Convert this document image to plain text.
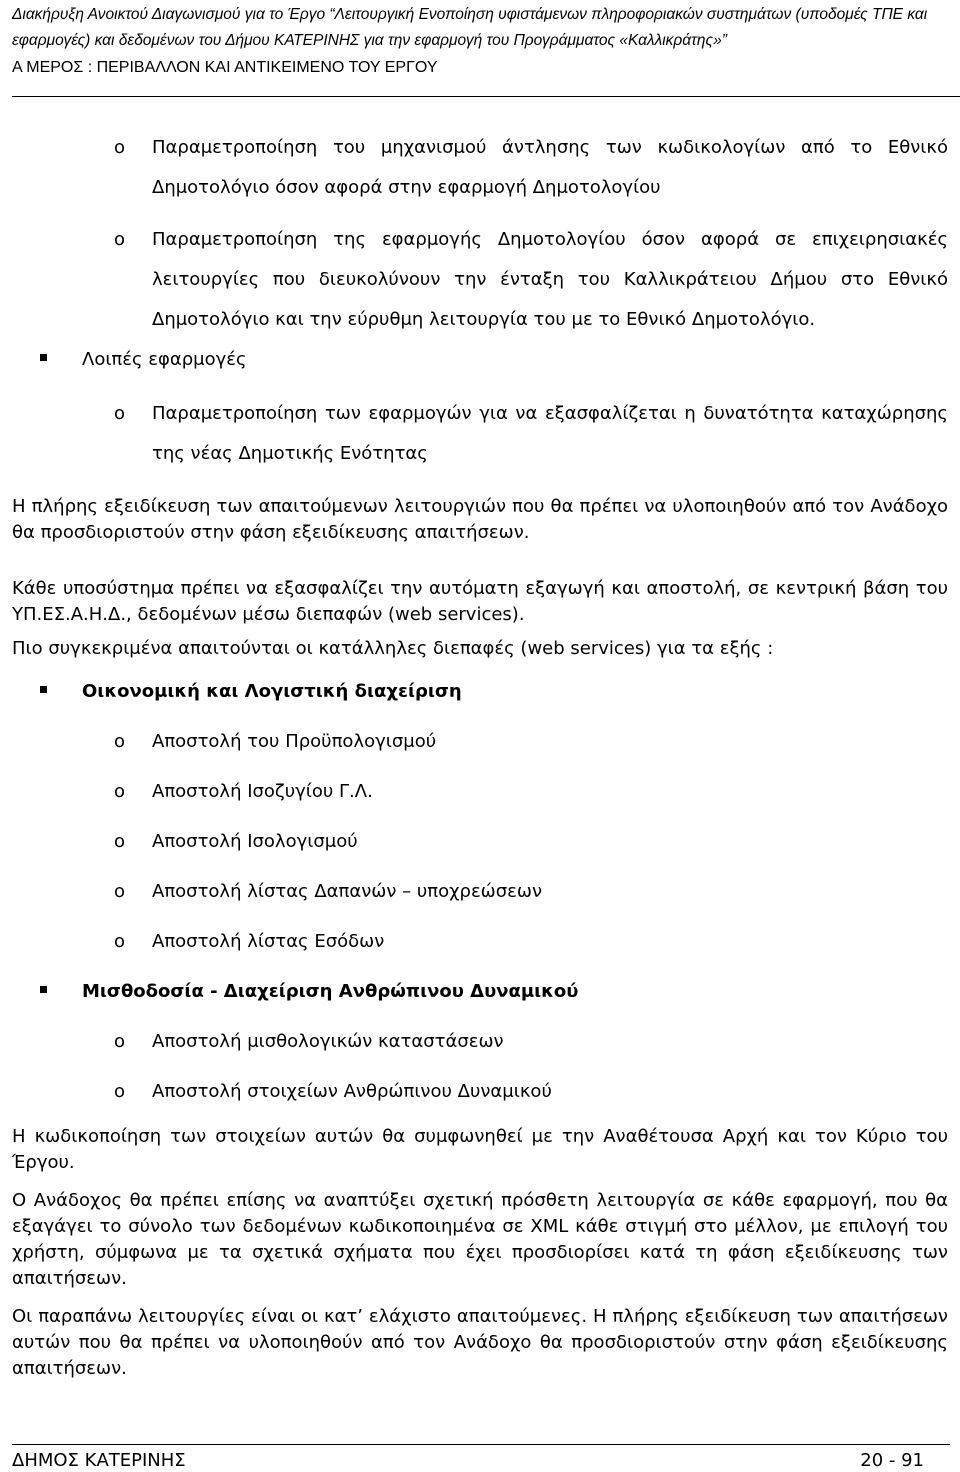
Διακήρυξη Ανοικτού Διαγωνισμού για το Έργο “Λειτουργική Ενοποίηση υφιστάμενων πληροφοριακών συστημάτων (υποδομές ΤΠΕ και εφαρμογές) και δεδομένων του Δήμου ΚΑΤΕΡΙΝΗΣ για την εφαρμογή του Προγράμματος «Καλλικράτης»”
Α ΜΕΡΟΣ : ΠΕΡΙΒΑΛΛΟΝ ΚΑΙ ΑΝΤΙΚΕΙΜΕΝΟ ΤΟΥ ΕΡΓΟΥ
o Παραμετροποίηση του μηχανισμού άντλησης των κωδικολογίων από το Εθνικό Δημοτολόγιο όσον αφορά στην εφαρμογή Δημοτολογίου
o Παραμετροποίηση της εφαρμογής Δημοτολογίου όσον αφορά σε επιχειρησιακές λειτουργίες που διευκολύνουν την ένταξη του Καλλικράτειου Δήμου στο Εθνικό Δημοτολόγιο και την εύρυθμη λειτουργία του με το Εθνικό Δημοτολόγιο.
Λοιπές εφαρμογές
o Παραμετροποίηση των εφαρμογών για να εξασφαλίζεται η δυνατότητα καταχώρησης της νέας Δημοτικής Ενότητας
Η πλήρης εξειδίκευση των απαιτούμενων λειτουργιών που θα πρέπει να υλοποιηθούν από τον Ανάδοχο θα προσδιοριστούν στην φάση εξειδίκευσης απαιτήσεων.
Κάθε υποσύστημα πρέπει να εξασφαλίζει την αυτόματη εξαγωγή και αποστολή, σε κεντρική βάση του ΥΠ.ΕΣ.Α.Η.Δ., δεδομένων μέσω διεπαφών (web services).
Πιο συγκεκριμένα απαιτούνται οι κατάλληλες διεπαφές (web services) για τα εξής :
Οικονομική και Λογιστική διαχείριση
o Αποστολή του Προϋπολογισμού
o Αποστολή Ισοζυγίου Γ.Λ.
o Αποστολή Ισολογισμού
o Αποστολή λίστας Δαπανών – υποχρεώσεων
o Αποστολή λίστας Εσόδων
Μισθοδοσία - Διαχείριση Ανθρώπινου Δυναμικού
o Αποστολή μισθολογικών καταστάσεων
o Αποστολή στοιχείων Ανθρώπινου Δυναμικού
Η κωδικοποίηση των στοιχείων αυτών θα συμφωνηθεί με την Αναθέτουσα Αρχή και τον Κύριο του Έργου.
Ο Ανάδοχος θα πρέπει επίσης να αναπτύξει σχετική πρόσθετη λειτουργία σε κάθε εφαρμογή, που θα εξαγάγει το σύνολο των δεδομένων κωδικοποιημένα σε XML κάθε στιγμή στο μέλλον, με επιλογή του χρήστη, σύμφωνα με τα σχετικά σχήματα που έχει προσδιορίσει κατά τη φάση εξειδίκευσης των απαιτήσεων.
Οι παραπάνω λειτουργίες είναι οι κατ’ ελάχιστο απαιτούμενες. Η πλήρης εξειδίκευση των απαιτήσεων αυτών που θα πρέπει να υλοποιηθούν από τον Ανάδοχο θα προσδιοριστούν στην φάση εξειδίκευσης απαιτήσεων.
ΔΗΜΟΣ ΚΑΤΕΡΙΝΗΣ	20 - 91
